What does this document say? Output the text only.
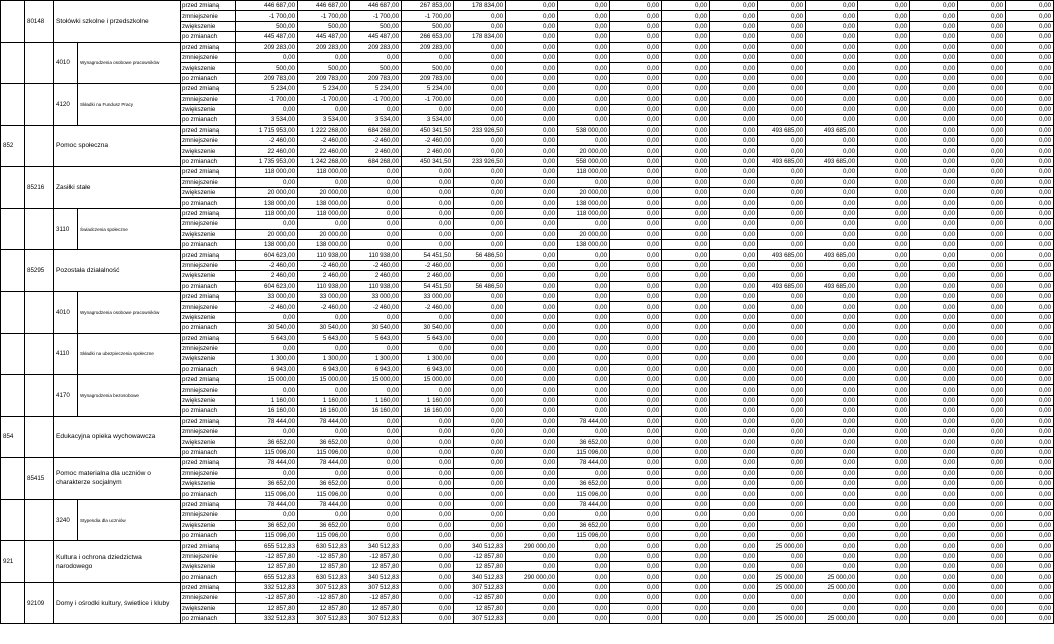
	80148	Stołówki szkolne i przedszkolne		przed zmianą	446 687,00	446 687,00	446 687,00	267 853,00	178 834,00	0,00	0,00	0,00	0,00	0,00	0,00	0,00	0,00	0,00	0,00	0,00
				zmniejszenie	-1 700,00	-1 700,00	-1 700,00	-1 700,00	0,00	0,00	0,00	0,00	0,00	0,00	0,00	0,00	0,00	0,00	0,00	0,00
				zwiększenie	500,00	500,00	500,00	500,00	0,00	0,00	0,00	0,00	0,00	0,00	0,00	0,00	0,00	0,00	0,00	0,00
				po zmianach	445 487,00	445 487,00	445 487,00	266 653,00	178 834,00	0,00	0,00	0,00	0,00	0,00	0,00	0,00	0,00	0,00	0,00	0,00
		4010	Wynagrodzenia osobowe pracowników	przed zmianą	209 283,00	209 283,00	209 283,00	209 283,00	0,00	0,00	0,00	0,00	0,00	0,00	0,00	0,00	0,00	0,00	0,00	0,00
				zmniejszenie	0,00	0,00	0,00	0,00	0,00	0,00	0,00	0,00	0,00	0,00	0,00	0,00	0,00	0,00	0,00	0,00
				zwiększenie	500,00	500,00	500,00	500,00	0,00	0,00	0,00	0,00	0,00	0,00	0,00	0,00	0,00	0,00	0,00	0,00
				po zmianach	209 783,00	209 783,00	209 783,00	209 783,00	0,00	0,00	0,00	0,00	0,00	0,00	0,00	0,00	0,00	0,00	0,00	0,00
		4120	Składki na Fundusz Pracy	przed zmianą	5 234,00	5 234,00	5 234,00	5 234,00	0,00	0,00	0,00	0,00	0,00	0,00	0,00	0,00	0,00	0,00	0,00	0,00
				zmniejszenie	-1 700,00	-1 700,00	-1 700,00	-1 700,00	0,00	0,00	0,00	0,00	0,00	0,00	0,00	0,00	0,00	0,00	0,00	0,00
				zwiększenie	0,00	0,00	0,00	0,00	0,00	0,00	0,00	0,00	0,00	0,00	0,00	0,00	0,00	0,00	0,00	0,00
				po zmianach	3 534,00	3 534,00	3 534,00	3 534,00	0,00	0,00	0,00	0,00	0,00	0,00	0,00	0,00	0,00	0,00	0,00	0,00
852		Pomoc społeczna		przed zmianą	1 715 953,00	1 222 268,00	684 268,00	450 341,50	233 926,50	0,00	538 000,00	0,00	0,00	0,00	493 685,00	493 685,00	0,00	0,00	0,00	0,00
				zmniejszenie	-2 460,00	-2 460,00	-2 460,00	-2 460,00	0,00	0,00	0,00	0,00	0,00	0,00	0,00	0,00	0,00	0,00	0,00	0,00
				zwiększenie	22 460,00	22 460,00	2 460,00	2 460,00	0,00	0,00	20 000,00	0,00	0,00	0,00	0,00	0,00	0,00	0,00	0,00	0,00
				po zmianach	1 735 953,00	1 242 268,00	684 268,00	450 341,50	233 926,50	0,00	558 000,00	0,00	0,00	0,00	493 685,00	493 685,00	0,00	0,00	0,00	0,00
	85216	Zasiłki stałe		przed zmianą	118 000,00	118 000,00	0,00	0,00	0,00	0,00	118 000,00	0,00	0,00	0,00	0,00	0,00	0,00	0,00	0,00	0,00
				zmniejszenie	0,00	0,00	0,00	0,00	0,00	0,00	0,00	0,00	0,00	0,00	0,00	0,00	0,00	0,00	0,00	0,00
				zwiększenie	20 000,00	20 000,00	0,00	0,00	0,00	0,00	20 000,00	0,00	0,00	0,00	0,00	0,00	0,00	0,00	0,00	0,00
				po zmianach	138 000,00	138 000,00	0,00	0,00	0,00	0,00	138 000,00	0,00	0,00	0,00	0,00	0,00	0,00	0,00	0,00	0,00
		3110	Świadczenia społeczne	przed zmianą	118 000,00	118 000,00	0,00	0,00	0,00	0,00	118 000,00	0,00	0,00	0,00	0,00	0,00	0,00	0,00	0,00	0,00
				zmniejszenie	0,00	0,00	0,00	0,00	0,00	0,00	0,00	0,00	0,00	0,00	0,00	0,00	0,00	0,00	0,00	0,00
				zwiększenie	20 000,00	20 000,00	0,00	0,00	0,00	0,00	20 000,00	0,00	0,00	0,00	0,00	0,00	0,00	0,00	0,00	0,00
				po zmianach	138 000,00	138 000,00	0,00	0,00	0,00	0,00	138 000,00	0,00	0,00	0,00	0,00	0,00	0,00	0,00	0,00	0,00
	85295	Pozostała działalność		przed zmianą	604 623,00	110 938,00	110 938,00	54 451,50	56 486,50	0,00	0,00	0,00	0,00	0,00	493 685,00	493 685,00	0,00	0,00	0,00	0,00
				zmniejszenie	-2 460,00	-2 460,00	-2 460,00	-2 460,00	0,00	0,00	0,00	0,00	0,00	0,00	0,00	0,00	0,00	0,00	0,00	0,00
				zwiększenie	2 460,00	2 460,00	2 460,00	2 460,00	0,00	0,00	0,00	0,00	0,00	0,00	0,00	0,00	0,00	0,00	0,00	0,00
				po zmianach	604 623,00	110 938,00	110 938,00	54 451,50	56 486,50	0,00	0,00	0,00	0,00	0,00	493 685,00	493 685,00	0,00	0,00	0,00	0,00
		4010	Wynagrodzenia osobowe pracowników	przed zmianą	33 000,00	33 000,00	33 000,00	33 000,00	0,00	0,00	0,00	0,00	0,00	0,00	0,00	0,00	0,00	0,00	0,00	0,00
				zmniejszenie	-2 460,00	-2 460,00	-2 460,00	-2 460,00	0,00	0,00	0,00	0,00	0,00	0,00	0,00	0,00	0,00	0,00	0,00	0,00
				zwiększenie	0,00	0,00	0,00	0,00	0,00	0,00	0,00	0,00	0,00	0,00	0,00	0,00	0,00	0,00	0,00	0,00
				po zmianach	30 540,00	30 540,00	30 540,00	30 540,00	0,00	0,00	0,00	0,00	0,00	0,00	0,00	0,00	0,00	0,00	0,00	0,00
		4110	Składki na ubezpieczenia społeczne	przed zmianą	5 643,00	5 643,00	5 643,00	5 643,00	0,00	0,00	0,00	0,00	0,00	0,00	0,00	0,00	0,00	0,00	0,00	0,00
				zmniejszenie	0,00	0,00	0,00	0,00	0,00	0,00	0,00	0,00	0,00	0,00	0,00	0,00	0,00	0,00	0,00	0,00
				zwiększenie	1 300,00	1 300,00	1 300,00	1 300,00	0,00	0,00	0,00	0,00	0,00	0,00	0,00	0,00	0,00	0,00	0,00	0,00
				po zmianach	6 943,00	6 943,00	6 943,00	6 943,00	0,00	0,00	0,00	0,00	0,00	0,00	0,00	0,00	0,00	0,00	0,00	0,00
		4170	Wynagrodzenia bezosobowe	przed zmianą	15 000,00	15 000,00	15 000,00	15 000,00	0,00	0,00	0,00	0,00	0,00	0,00	0,00	0,00	0,00	0,00	0,00	0,00
				zmniejszenie	0,00	0,00	0,00	0,00	0,00	0,00	0,00	0,00	0,00	0,00	0,00	0,00	0,00	0,00	0,00	0,00
				zwiększenie	1 160,00	1 160,00	1 160,00	1 160,00	0,00	0,00	0,00	0,00	0,00	0,00	0,00	0,00	0,00	0,00	0,00	0,00
				po zmianach	16 160,00	16 160,00	16 160,00	16 160,00	0,00	0,00	0,00	0,00	0,00	0,00	0,00	0,00	0,00	0,00	0,00	0,00
854		Edukacyjna opieka wychowawcza		przed zmianą	78 444,00	78 444,00	0,00	0,00	0,00	0,00	78 444,00	0,00	0,00	0,00	0,00	0,00	0,00	0,00	0,00	0,00
				zmniejszenie	0,00	0,00	0,00	0,00	0,00	0,00	0,00	0,00	0,00	0,00	0,00	0,00	0,00	0,00	0,00	0,00
				zwiększenie	36 652,00	36 652,00	0,00	0,00	0,00	0,00	36 652,00	0,00	0,00	0,00	0,00	0,00	0,00	0,00	0,00	0,00
				po zmianach	115 096,00	115 096,00	0,00	0,00	0,00	0,00	115 096,00	0,00	0,00	0,00	0,00	0,00	0,00	0,00	0,00	0,00
	85415	Pomoc materialna dla uczniów o charakterze socjalnym		przed zmianą	78 444,00	78 444,00	0,00	0,00	0,00	0,00	78 444,00	0,00	0,00	0,00	0,00	0,00	0,00	0,00	0,00	0,00
				zmniejszenie	0,00	0,00	0,00	0,00	0,00	0,00	0,00	0,00	0,00	0,00	0,00	0,00	0,00	0,00	0,00	0,00
				zwiększenie	36 652,00	36 652,00	0,00	0,00	0,00	0,00	36 652,00	0,00	0,00	0,00	0,00	0,00	0,00	0,00	0,00	0,00
				po zmianach	115 096,00	115 096,00	0,00	0,00	0,00	0,00	115 096,00	0,00	0,00	0,00	0,00	0,00	0,00	0,00	0,00	0,00
		3240	Stypendia dla uczniów	przed zmianą	78 444,00	78 444,00	0,00	0,00	0,00	0,00	78 444,00	0,00	0,00	0,00	0,00	0,00	0,00	0,00	0,00	0,00
				zmniejszenie	0,00	0,00	0,00	0,00	0,00	0,00	0,00	0,00	0,00	0,00	0,00	0,00	0,00	0,00	0,00	0,00
				zwiększenie	36 652,00	36 652,00	0,00	0,00	0,00	0,00	36 652,00	0,00	0,00	0,00	0,00	0,00	0,00	0,00	0,00	0,00
				po zmianach	115 096,00	115 096,00	0,00	0,00	0,00	0,00	115 096,00	0,00	0,00	0,00	0,00	0,00	0,00	0,00	0,00	0,00
921		Kultura i ochrona dziedzictwa narodowego		przed zmianą	655 512,83	630 512,83	340 512,83	0,00	340 512,83	290 000,00	0,00	0,00	0,00	0,00	25 000,00	0,00	0,00	0,00	0,00	0,00
				zmniejszenie	-12 857,80	-12 857,80	-12 857,80	0,00	-12 857,80	0,00	0,00	0,00	0,00	0,00	0,00	0,00	0,00	0,00	0,00	0,00
				zwiększenie	12 857,80	12 857,80	12 857,80	0,00	12 857,80	0,00	0,00	0,00	0,00	0,00	0,00	0,00	0,00	0,00	0,00	0,00
				po zmianach	655 512,83	630 512,83	340 512,83	0,00	340 512,83	290 000,00	0,00	0,00	0,00	0,00	25 000,00	25 000,00	0,00	0,00	0,00	0,00
	92109	Domy i ośrodki kultury, świetlice i kluby		przed zmianą	332 512,83	307 512,83	307 512,83	0,00	307 512,83	0,00	0,00	0,00	0,00	0,00	25 000,00	25 000,00	0,00	0,00	0,00	0,00
				zmniejszenie	-12 857,80	-12 857,80	-12 857,80	0,00	-12 857,80	0,00	0,00	0,00	0,00	0,00	0,00	0,00	0,00	0,00	0,00	0,00
				zwiększenie	12 857,80	12 857,80	12 857,80	0,00	12 857,80	0,00	0,00	0,00	0,00	0,00	0,00	0,00	0,00	0,00	0,00	0,00
				po zmianach	332 512,83	307 512,83	307 512,83	0,00	307 512,83	0,00	0,00	0,00	0,00	0,00	25 000,00	25 000,00	0,00	0,00	0,00	0,00
